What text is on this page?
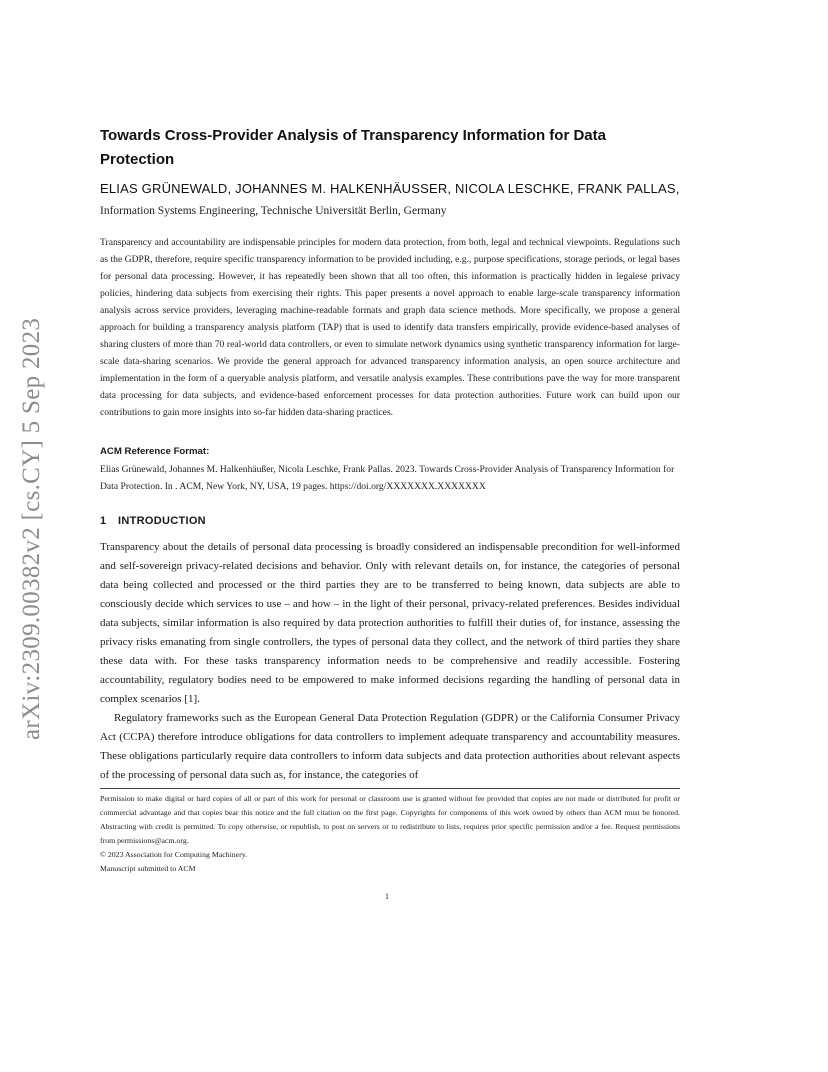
arXiv:2309.00382v2 [cs.CY] 5 Sep 2023
Towards Cross-Provider Analysis of Transparency Information for Data Protection
ELIAS GRÜNEWALD, JOHANNES M. HALKENHÄUSSER, NICOLA LESCHKE, FRANK PALLAS,
Information Systems Engineering, Technische Universität Berlin, Germany
Transparency and accountability are indispensable principles for modern data protection, from both, legal and technical viewpoints. Regulations such as the GDPR, therefore, require specific transparency information to be provided including, e.g., purpose specifications, storage periods, or legal bases for personal data processing. However, it has repeatedly been shown that all too often, this information is practically hidden in legalese privacy policies, hindering data subjects from exercising their rights. This paper presents a novel approach to enable large-scale transparency information analysis across service providers, leveraging machine-readable formats and graph data science methods. More specifically, we propose a general approach for building a transparency analysis platform (TAP) that is used to identify data transfers empirically, provide evidence-based analyses of sharing clusters of more than 70 real-world data controllers, or even to simulate network dynamics using synthetic transparency information for large-scale data-sharing scenarios. We provide the general approach for advanced transparency information analysis, an open source architecture and implementation in the form of a queryable analysis platform, and versatile analysis examples. These contributions pave the way for more transparent data processing for data subjects, and evidence-based enforcement processes for data protection authorities. Future work can build upon our contributions to gain more insights into so-far hidden data-sharing practices.
ACM Reference Format:
Elias Grünewald, Johannes M. Halkenhäußer, Nicola Leschke, Frank Pallas. 2023. Towards Cross-Provider Analysis of Transparency Information for Data Protection. In . ACM, New York, NY, USA, 19 pages. https://doi.org/XXXXXXX.XXXXXXX
1 INTRODUCTION

Transparency about the details of personal data processing is broadly considered an indispensable precondition for well-informed and self-sovereign privacy-related decisions and behavior. Only with relevant details on, for instance, the categories of personal data being collected and processed or the third parties they are to be transferred to being known, data subjects are able to consciously decide which services to use – and how – in the light of their personal, privacy-related preferences. Besides individual data subjects, similar information is also required by data protection authorities to fulfill their duties of, for instance, assessing the privacy risks emanating from single controllers, the types of personal data they collect, and the network of third parties they share these data with. For these tasks transparency information needs to be comprehensive and readily accessible. Fostering accountability, regulatory bodies need to be empowered to make informed decisions regarding the handling of personal data in complex scenarios [1].

Regulatory frameworks such as the European General Data Protection Regulation (GDPR) or the California Consumer Privacy Act (CCPA) therefore introduce obligations for data controllers to implement adequate transparency and accountability measures. These obligations particularly require data controllers to inform data subjects and data protection authorities about relevant aspects of the processing of personal data such as, for instance, the categories of

Permission to make digital or hard copies of all or part of this work for personal or classroom use is granted without fee provided that copies are not made or distributed for profit or commercial advantage and that copies bear this notice and the full citation on the first page. Copyrights for components of this work owned by others than ACM must be honored. Abstracting with credit is permitted. To copy otherwise, or republish, to post on servers or to redistribute to lists, requires prior specific permission and/or a fee. Request permissions from permissions@acm.org.

© 2023 Association for Computing Machinery.

Manuscript submitted to ACM

1
